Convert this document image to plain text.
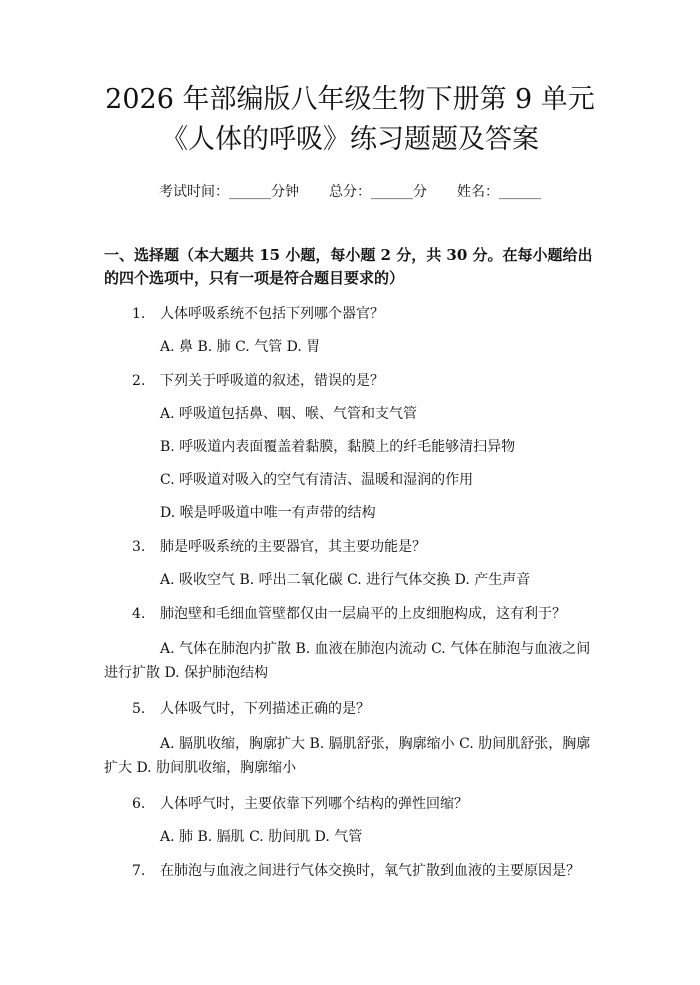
2026 年部编版八年级生物下册第 9 单元《人体的呼吸》练习题题及答案
考试时间：______分钟 总分：______分 姓名：______
一、选择题（本大题共 15 小题，每小题 2 分，共 30 分。在每小题给出的四个选项中，只有一项是符合题目要求的）
1. 人体呼吸系统不包括下列哪个器官？
A. 鼻 B. 肺 C. 气管 D. 胃
2. 下列关于呼吸道的叙述，错误的是？
A. 呼吸道包括鼻、咽、喉、气管和支气管
B. 呼吸道内表面覆盖着黏膜，黏膜上的纤毛能够清扫异物
C. 呼吸道对吸入的空气有清洁、温暖和湿润的作用
D. 喉是呼吸道中唯一有声带的结构
3. 肺是呼吸系统的主要器官，其主要功能是？
A. 吸收空气 B. 呼出二氧化碳 C. 进行气体交换 D. 产生声音
4. 肺泡壁和毛细血管壁都仅由一层扁平的上皮细胞构成，这有利于？
A. 气体在肺泡内扩散 B. 血液在肺泡内流动 C. 气体在肺泡与血液之间进行扩散 D. 保护肺泡结构
5. 人体吸气时，下列描述正确的是？
A. 膈肌收缩，胸廓扩大 B. 膈肌舒张，胸廓缩小 C. 肋间肌舒张，胸廓扩大 D. 肋间肌收缩，胸廓缩小
6. 人体呼气时，主要依靠下列哪个结构的弹性回缩？
A. 肺 B. 膈肌 C. 肋间肌 D. 气管
7. 在肺泡与血液之间进行气体交换时，氧气扩散到血液的主要原因是？
